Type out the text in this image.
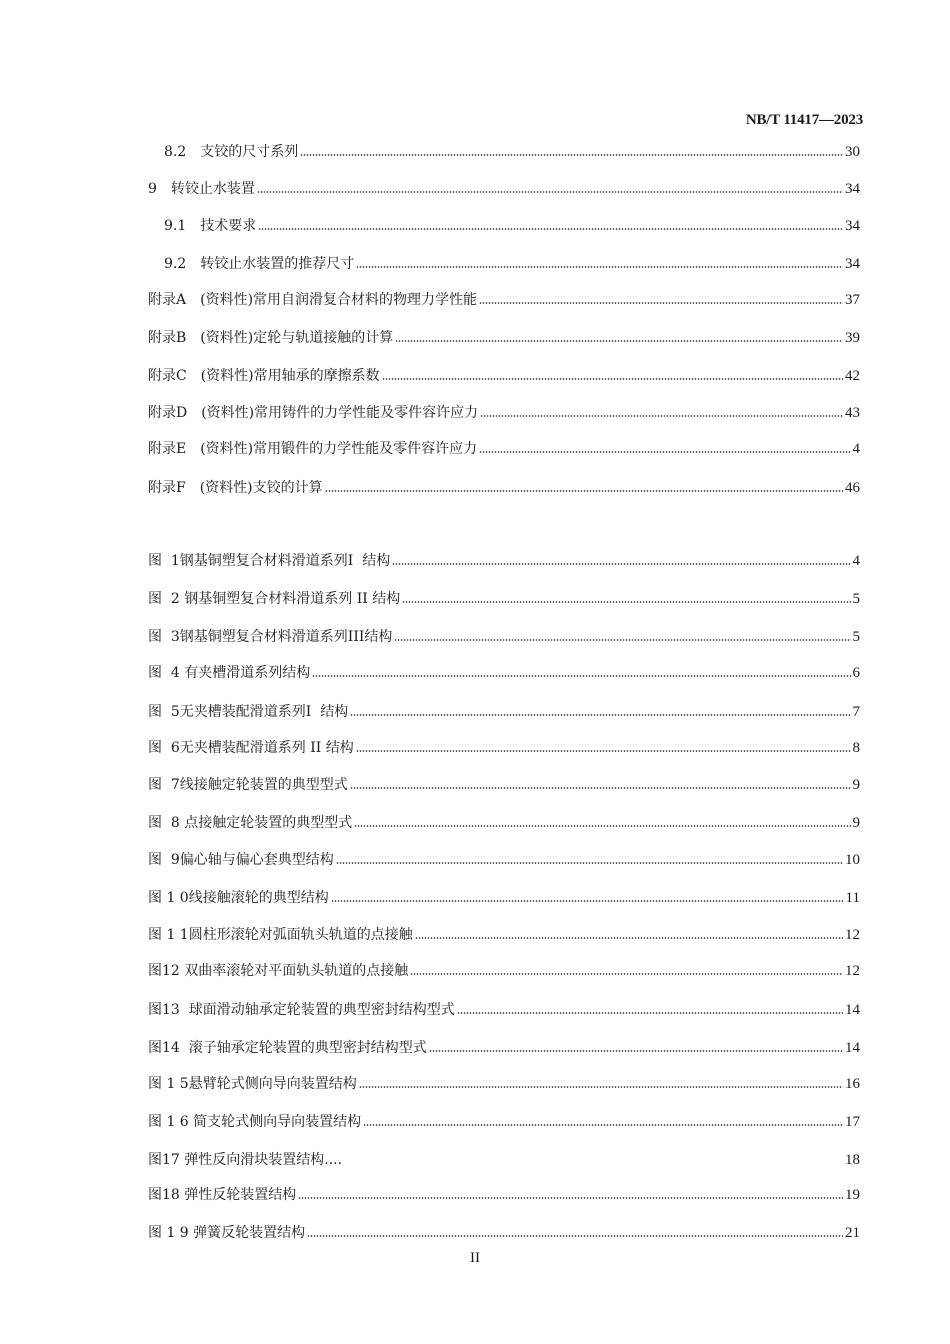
NB/T 11417—2023
8.2　支铰的尺寸系列	30
9　转铰止水装置	34
9.1　技术要求	34
9.2　转铰止水装置的推荐尺寸	34
附录A　(资料性)常用自润滑复合材料的物理力学性能	37
附录B　(资料性)定轮与轨道接触的计算	39
附录C　(资料性)常用轴承的摩擦系数	42
附录D　(资料性)常用铸件的力学性能及零件容许应力	43
附录E　(资料性)常用锻件的力学性能及零件容许应力	4
附录F　(资料性)支铰的计算	46
图  1钢基铜塑复合材料滑道系列I  结构	4
图  2 钢基铜塑复合材料滑道系列 II 结构	5
图  3钢基铜塑复合材料滑道系列III结构	5
图  4 有夹槽滑道系列结构	6
图  5无夹槽装配滑道系列I  结构	7
图  6无夹槽装配滑道系列 II 结构	8
图  7线接触定轮装置的典型型式	9
图  8 点接触定轮装置的典型型式	9
图  9偏心轴与偏心套典型结构	10
图 1 0线接触滚轮的典型结构	11
图 1 1圆柱形滚轮对弧面轨头轨道的点接触	12
图12 双曲率滚轮对平面轨头轨道的点接触	12
图13  球面滑动轴承定轮装置的典型密封结构型式	14
图14  滚子轴承定轮装置的典型密封结构型式	14
图 1 5悬臂轮式侧向导向装置结构	16
图 1 6 简支轮式侧向导向装置结构	17
图17 弹性反向滑块装置结构....	18
图18 弹性反轮装置结构	19
图 1 9 弹簧反轮装置结构	21
II
